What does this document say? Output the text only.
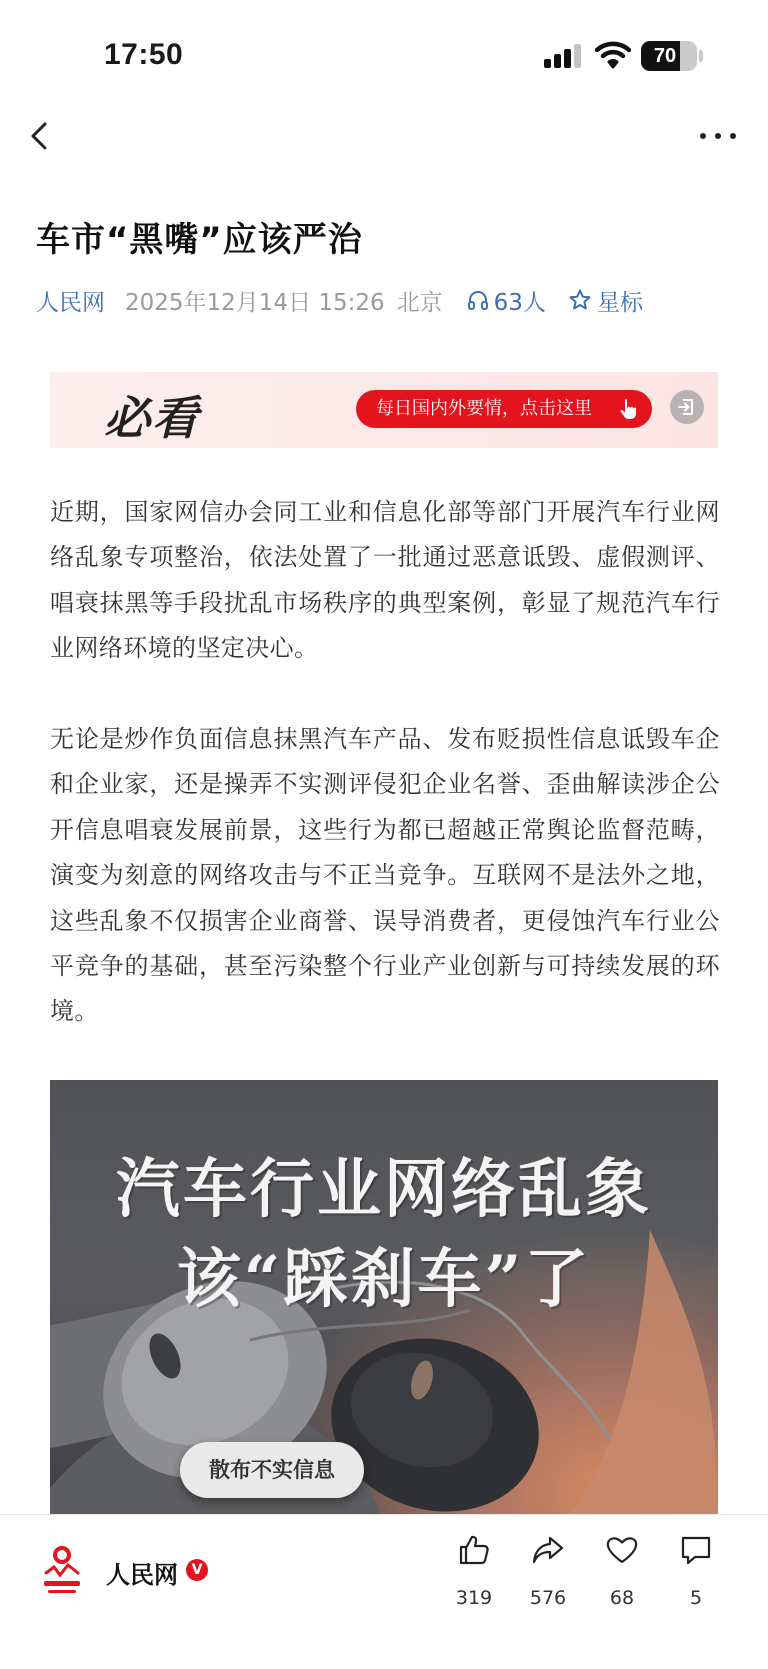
17:50	70
车市“黑嘴”应该严治
人民网 2025年12月14日 15:26 北京 63人 星标
必看	每日国内外要情，点击这里

近期，国家网信办会同工业和信息化部等部门开展汽车行业网络乱象专项整治，依法处置了一批通过恶意诋毁、虚假测评、唱衰抹黑等手段扰乱市场秩序的典型案例，彰显了规范汽车行业网络环境的坚定决心。

无论是炒作负面信息抹黑汽车产品、发布贬损性信息诋毁车企和企业家，还是操弄不实测评侵犯企业名誉、歪曲解读涉企公开信息唱衰发展前景，这些行为都已超越正常舆论监督范畴，演变为刻意的网络攻击与不正当竞争。互联网不是法外之地，这些乱象不仅损害企业商誉、误导消费者，更侵蚀汽车行业公平竞争的基础，甚至污染整个行业产业创新与可持续发展的环境。

汽车行业网络乱象
该“踩刹车”了
散布不实信息
人民网 V
319	576	68	5
